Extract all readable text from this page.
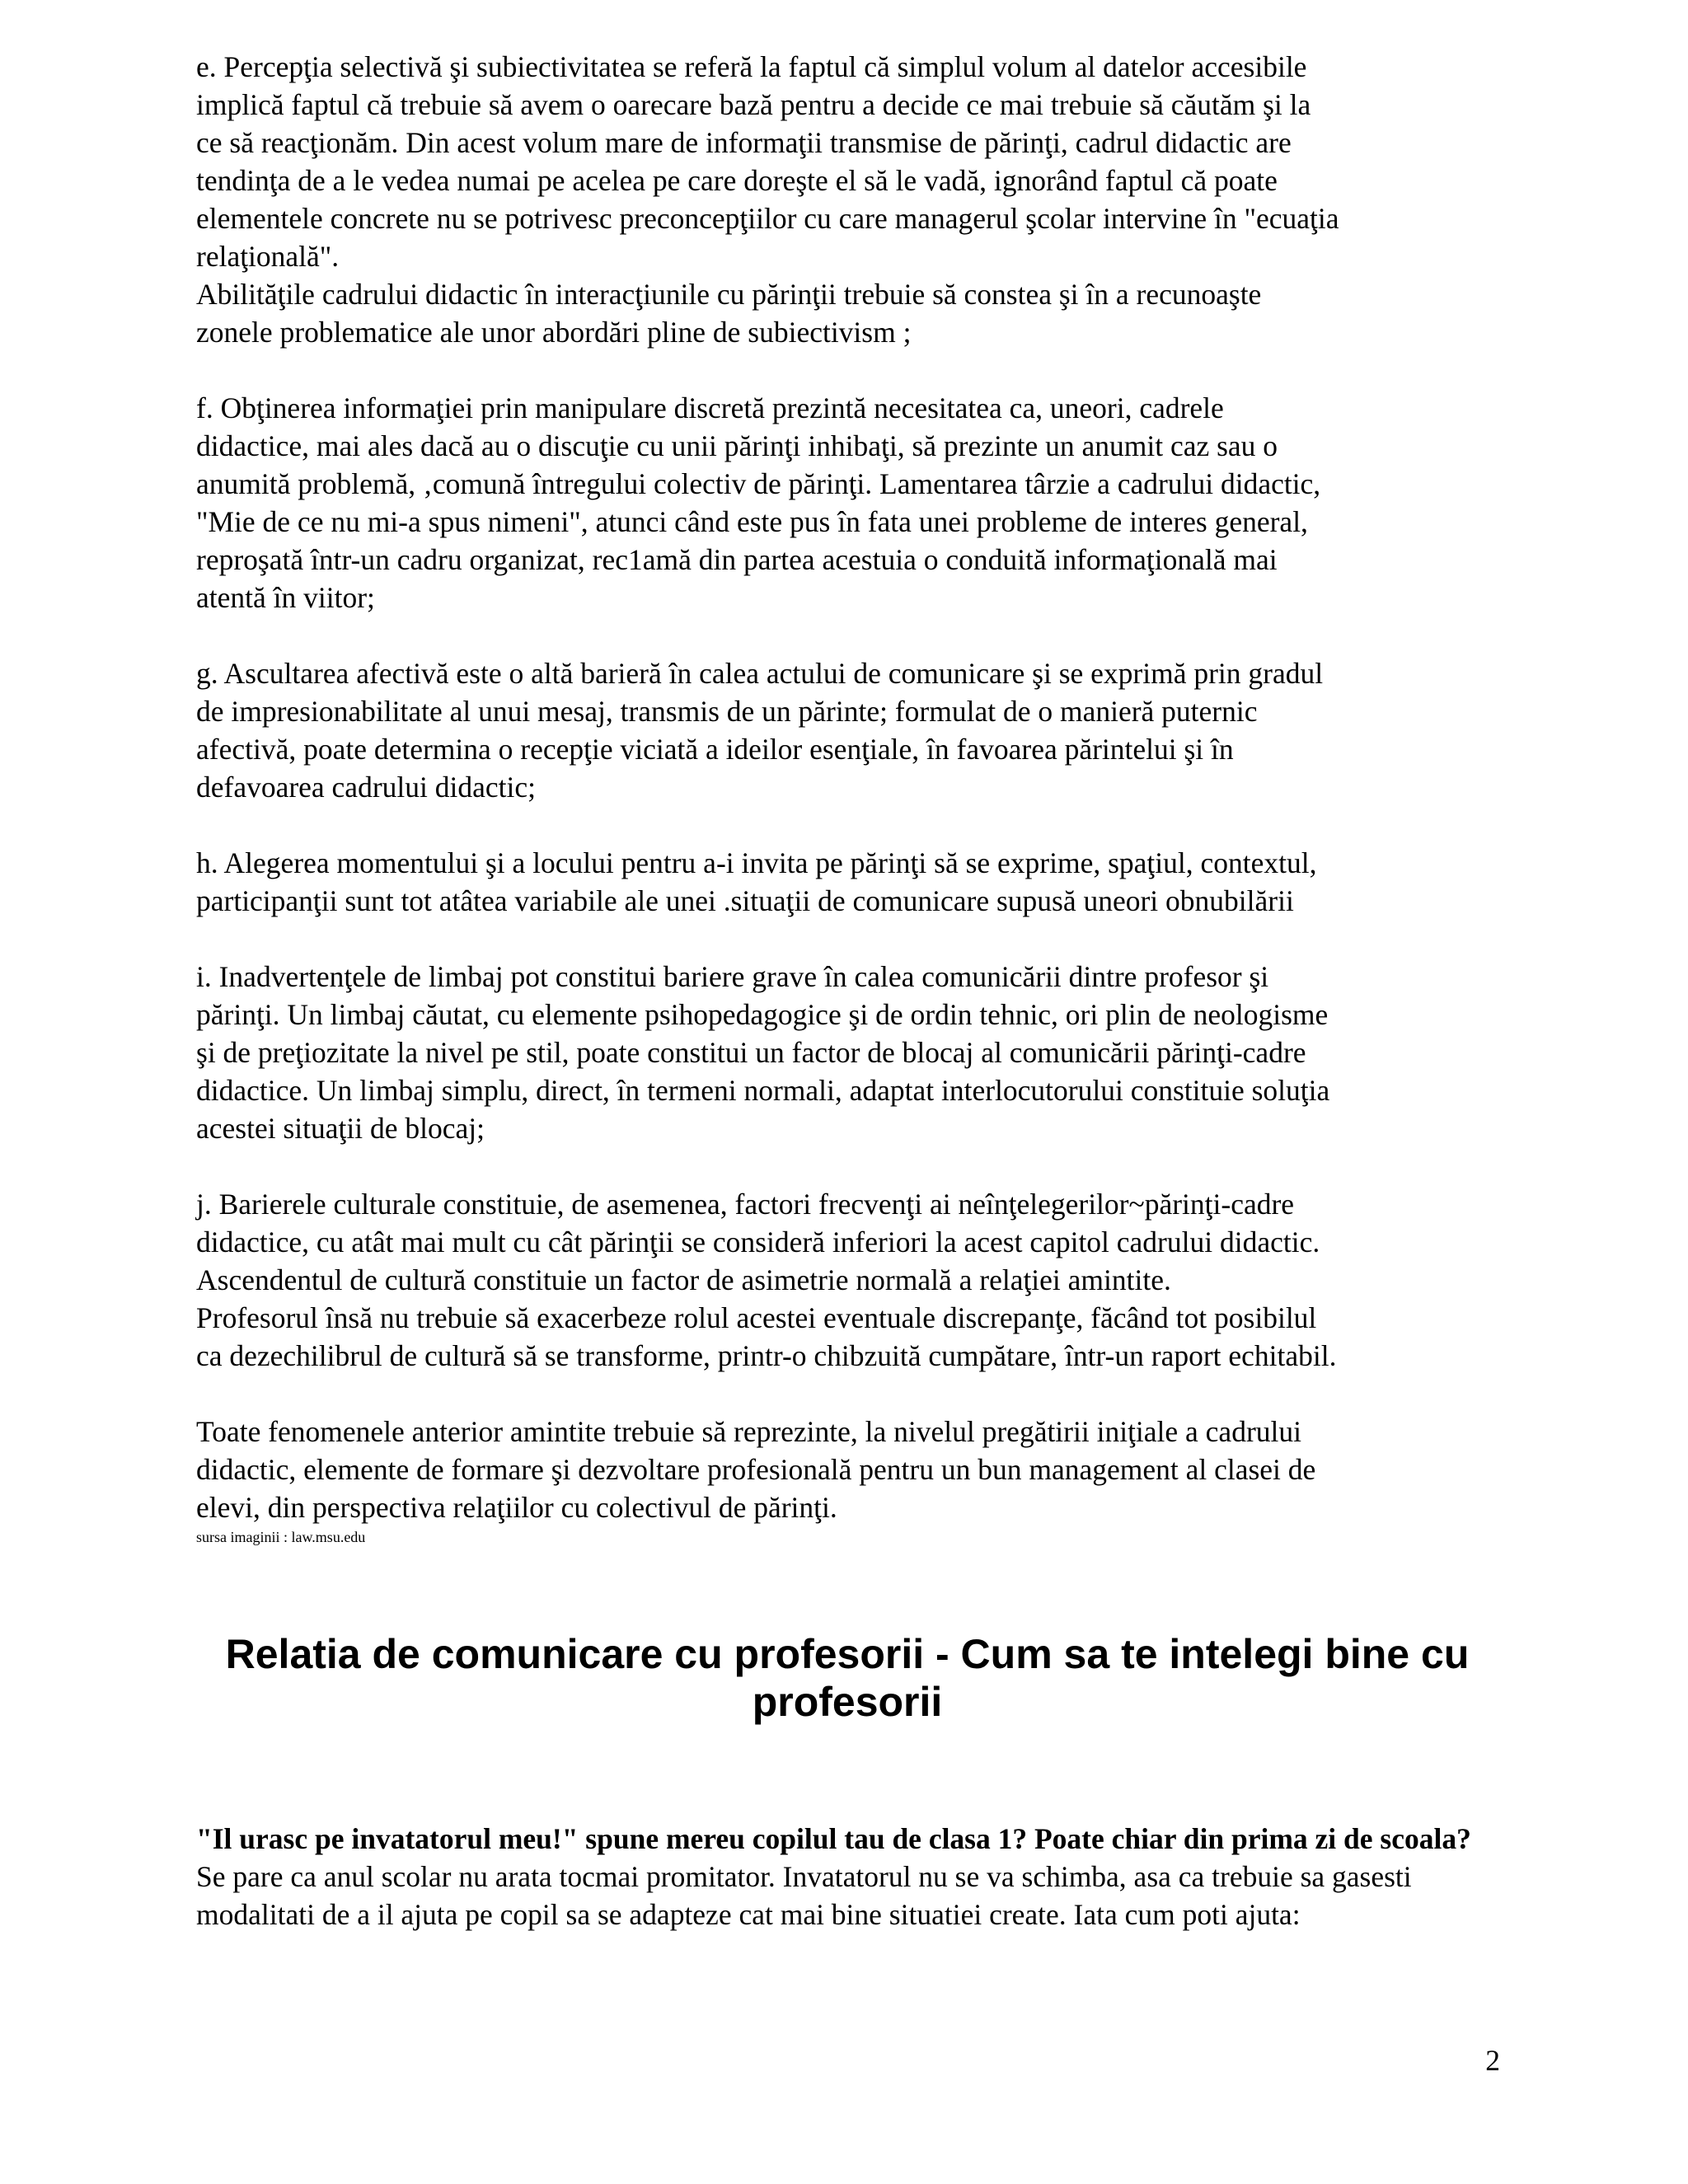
e. Percepţia selectivă şi subiectivitatea se referă la faptul că simplul volum al datelor accesibile
implică faptul că trebuie să avem o oarecare bază pentru a decide ce mai trebuie să căutăm şi la
ce să reacţionăm. Din acest volum mare de informaţii transmise de părinţi, cadrul didactic are
tendinţa de a le vedea numai pe acelea pe care doreşte el să le vadă, ignorând faptul că poate
elementele concrete nu se potrivesc preconcepţiilor cu care managerul şcolar intervine în "ecuaţia
relaţională".
Abilităţile cadrului didactic în interacţiunile cu părinţii trebuie să constea şi în a recunoaşte
zonele problematice ale unor abordări pline de subiectivism ;

f. Obţinerea informaţiei prin manipulare discretă prezintă necesitatea ca, uneori, cadrele
didactice, mai ales dacă au o discuţie cu unii părinţi inhibaţi, să prezinte un anumit caz sau o
anumită problemă, ‚comună întregului colectiv de părinţi. Lamentarea târzie a cadrului didactic,
"Mie de ce nu mi-a spus nimeni", atunci când este pus în fata unei probleme de interes general,
reproşată într-un cadru organizat, rec1amă din partea acestuia o conduită informaţională mai
atentă în viitor;

g. Ascultarea afectivă este o altă barieră în calea actului de comunicare şi se exprimă prin gradul
de impresionabilitate al unui mesaj, transmis de un părinte; formulat de o manieră puternic
afectivă, poate determina o recepţie viciată a ideilor esenţiale, în favoarea părintelui şi în
defavoarea cadrului didactic;

h. Alegerea momentului şi a locului pentru a-i invita pe părinţi să se exprime, spaţiul, contextul,
participanţii sunt tot atâtea variabile ale unei .situaţii de comunicare supusă uneori obnubilării

i. Inadvertenţele de limbaj pot constitui bariere grave în calea comunicării dintre profesor şi
părinţi. Un limbaj căutat, cu elemente psihopedagogice şi de ordin tehnic, ori plin de neologisme
şi de preţiozitate la nivel pe stil, poate constitui un factor de blocaj al comunicării părinţi-cadre
didactice. Un limbaj simplu, direct, în termeni normali, adaptat interlocutorului constituie soluţia
acestei situaţii de blocaj;

j. Barierele culturale constituie, de asemenea, factori frecvenţi ai neînţelegerilor~părinţi-cadre
didactice, cu atât mai mult cu cât părinţii se consideră inferiori la acest capitol cadrului didactic.
Ascendentul de cultură constituie un factor de asimetrie normală a relaţiei amintite.
Profesorul însă nu trebuie să exacerbeze rolul acestei eventuale discrepanţe, făcând tot posibilul
ca dezechilibrul de cultură să se transforme, printr-o chibzuită cumpătare, într-un raport echitabil.

Toate fenomenele anterior amintite trebuie să reprezinte, la nivelul pregătirii iniţiale a cadrului
didactic, elemente de formare şi dezvoltare profesională pentru un bun management al clasei de
elevi, din perspectiva relaţiilor cu colectivul de părinţi.

sursa imaginii : law.msu.edu

Relatia de comunicare cu profesorii - Cum sa te intelegi bine cu profesorii

"Il urasc pe invatatorul meu!" spune mereu copilul tau de clasa 1? Poate chiar din prima zi de scoala? Se pare ca anul scolar nu arata tocmai promitator. Invatatorul nu se va schimba, asa ca trebuie sa gasesti modalitati de a il ajuta pe copil sa se adapteze cat mai bine situatiei create. Iata cum poti ajuta:

2
